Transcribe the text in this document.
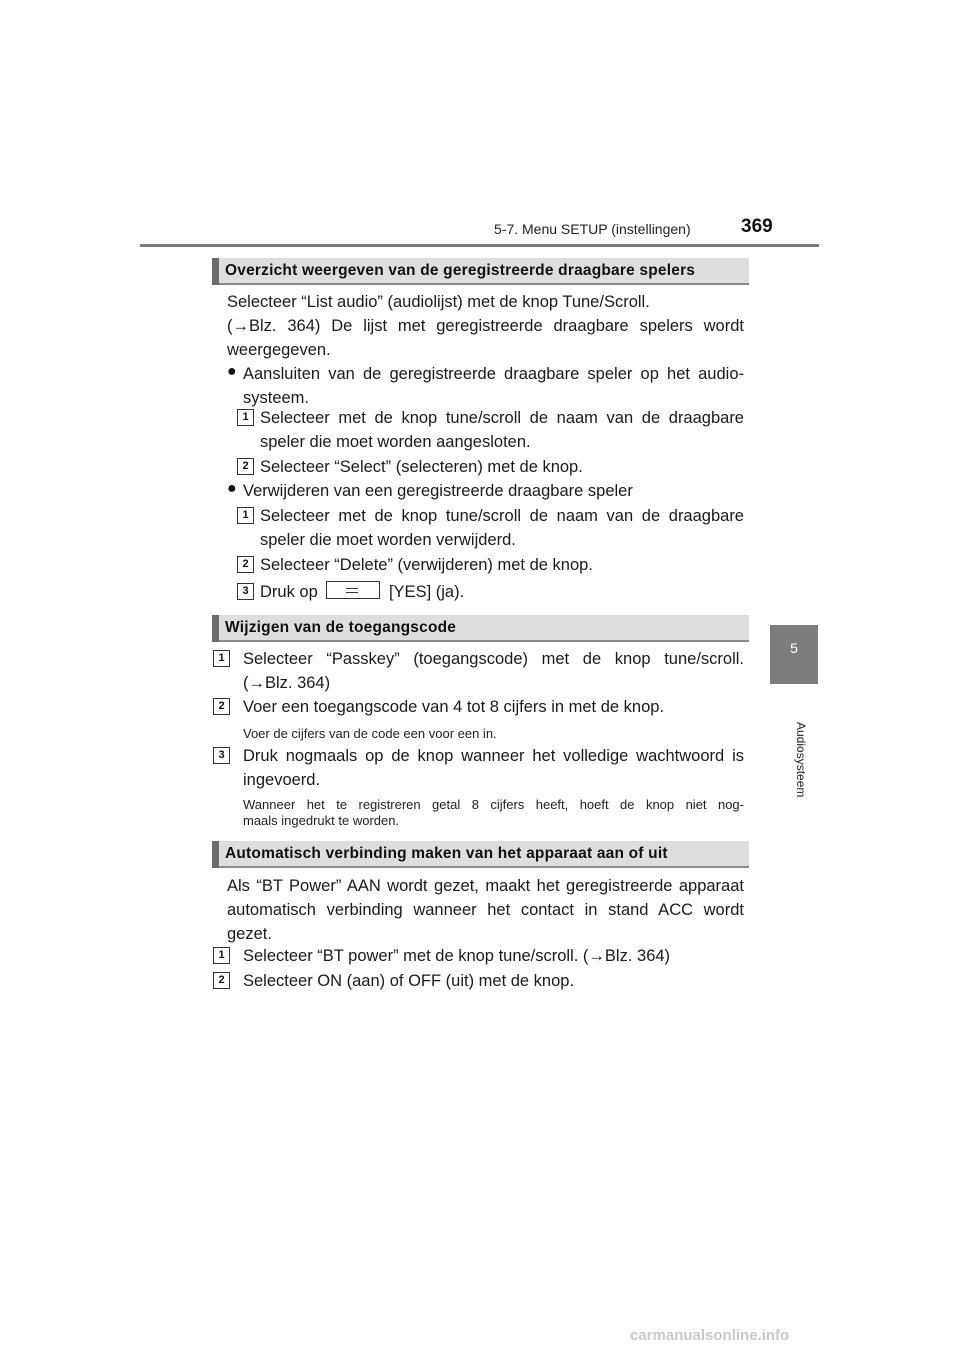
5-7. Menu SETUP (instellingen)	369
5
Audiosysteem
Overzicht weergeven van de geregistreerde draagbare spelers
Selecteer “List audio” (audiolijst) met de knop Tune/Scroll.
(→Blz. 364) De lijst met geregistreerde draagbare spelers wordt
weergegeven.
● Aansluiten van de geregistreerde draagbare speler op het audio-
systeem.
1 Selecteer met de knop tune/scroll de naam van de draagbare
speler die moet worden aangesloten.
2 Selecteer “Select” (selecteren) met de knop.
● Verwijderen van een geregistreerde draagbare speler
1 Selecteer met de knop tune/scroll de naam van de draagbare
speler die moet worden verwijderd.
2 Selecteer “Delete” (verwijderen) met de knop.
3 Druk op	[YES] (ja).
Wijzigen van de toegangscode
1	Selecteer “Passkey” (toegangscode) met de knop tune/scroll.
(→Blz. 364)
2	Voer een toegangscode van 4 tot 8 cijfers in met de knop.
Voer de cijfers van de code een voor een in.
3	Druk nogmaals op de knop wanneer het volledige wachtwoord is
ingevoerd.
Wanneer het te registreren getal 8 cijfers heeft, hoeft de knop niet nog-
maals ingedrukt te worden.
Automatisch verbinding maken van het apparaat aan of uit
Als “BT Power” AAN wordt gezet, maakt het geregistreerde apparaat
automatisch verbinding wanneer het contact in stand ACC wordt
gezet.
1	Selecteer “BT power” met de knop tune/scroll. (→Blz. 364)
2	Selecteer ON (aan) of OFF (uit) met de knop.
carmanualsonline.info
